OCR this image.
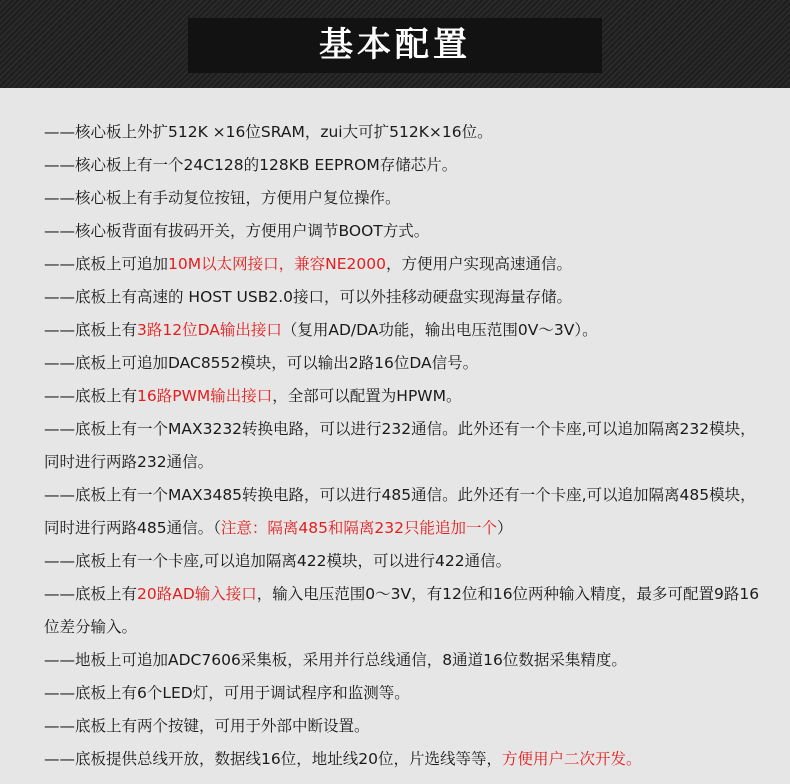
基本配置
——核心板上外扩512K ×16位SRAM，zui大可扩512K×16位。
——核心板上有一个24C128的128KB EEPROM存储芯片。
——核心板上有手动复位按钮，方便用户复位操作。
——核心板背面有拔码开关，方便用户调节BOOT方式。
——底板上可追加10M以太网接口，兼容NE2000，方便用户实现高速通信。
——底板上有高速的 HOST USB2.0接口，可以外挂移动硬盘实现海量存储。
——底板上有3路12位DA输出接口（复用AD/DA功能，输出电压范围0V～3V）。
——底板上可追加DAC8552模块，可以输出2路16位DA信号。
——底板上有16路PWM输出接口，全部可以配置为HPWM。
——底板上有一个MAX3232转换电路，可以进行232通信。此外还有一个卡座,可以追加隔离232模块，同时进行两路232通信。
——底板上有一个MAX3485转换电路，可以进行485通信。此外还有一个卡座,可以追加隔离485模块，同时进行两路485通信。（注意：隔离485和隔离232只能追加一个）
——底板上有一个卡座,可以追加隔离422模块，可以进行422通信。
——底板上有20路AD输入接口，输入电压范围0～3V，有12位和16位两种输入精度，最多可配置9路16位差分输入。
——地板上可追加ADC7606采集板，采用并行总线通信，8通道16位数据采集精度。
——底板上有6个LED灯，可用于调试程序和监测等。
——底板上有两个按键，可用于外部中断设置。
——底板提供总线开放，数据线16位，地址线20位，片选线等等，方便用户二次开发。
